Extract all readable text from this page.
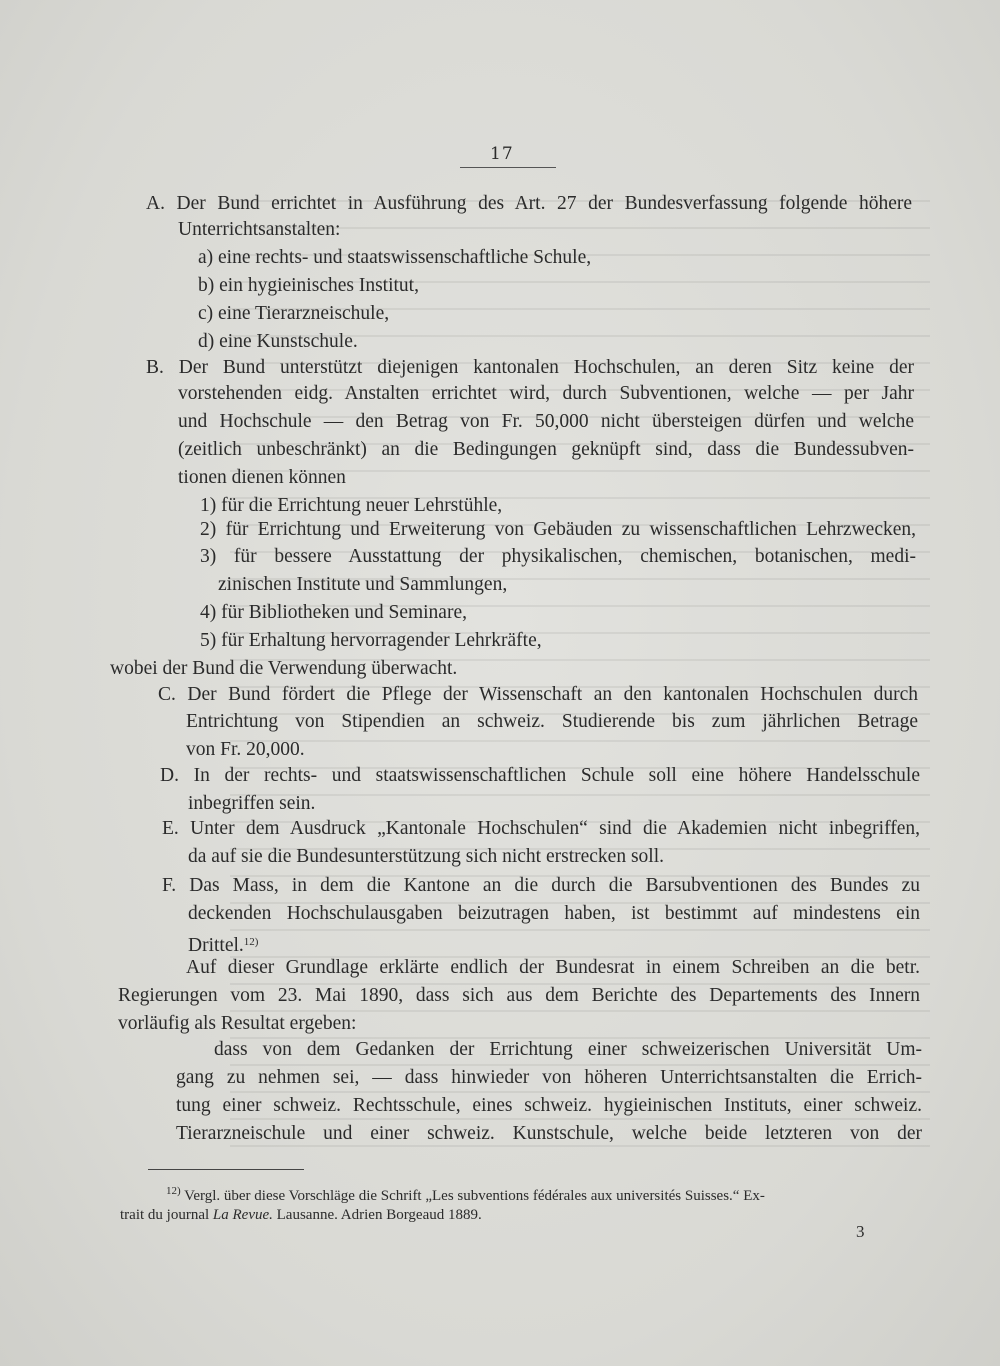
17
A. Der Bund errichtet in Ausführung des Art. 27 der Bundesverfassung folgende höhere
Unterrichtsanstalten:
a) eine rechts- und staatswissenschaftliche Schule,
b) ein hygieinisches Institut,
c) eine Tierarzneischule,
d) eine Kunstschule.
B. Der Bund unterstützt diejenigen kantonalen Hochschulen, an deren Sitz keine der
vorstehenden eidg. Anstalten errichtet wird, durch Subventionen, welche — per Jahr
und Hochschule — den Betrag von Fr. 50,000 nicht übersteigen dürfen und welche
(zeitlich unbeschränkt) an die Bedingungen geknüpft sind, dass die Bundessubven-
tionen dienen können
1) für die Errichtung neuer Lehrstühle,
2) für Errichtung und Erweiterung von Gebäuden zu wissenschaftlichen Lehrzwecken,
3) für bessere Ausstattung der physikalischen, chemischen, botanischen, medi-
zinischen Institute und Sammlungen,
4) für Bibliotheken und Seminare,
5) für Erhaltung hervorragender Lehrkräfte,
wobei der Bund die Verwendung überwacht.
C. Der Bund fördert die Pflege der Wissenschaft an den kantonalen Hochschulen durch
Entrichtung von Stipendien an schweiz. Studierende bis zum jährlichen Betrage
von Fr. 20,000.
D. In der rechts- und staatswissenschaftlichen Schule soll eine höhere Handelsschule
inbegriffen sein.
E. Unter dem Ausdruck „Kantonale Hochschulen“ sind die Akademien nicht inbegriffen,
da auf sie die Bundesunterstützung sich nicht erstrecken soll.
F. Das Mass, in dem die Kantone an die durch die Barsubventionen des Bundes zu
deckenden Hochschulausgaben beizutragen haben, ist bestimmt auf mindestens ein
Drittel.$^{12)}$
Auf dieser Grundlage erklärte endlich der Bundesrat in einem Schreiben an die betr.
Regierungen vom 23. Mai 1890, dass sich aus dem Berichte des Departements des Innern
vorläufig als Resultat ergeben:
dass von dem Gedanken der Errichtung einer schweizerischen Universität Um-
gang zu nehmen sei, — dass hinwieder von höheren Unterrichtsanstalten die Errich-
tung einer schweiz. Rechtsschule, eines schweiz. hygieinischen Instituts, einer schweiz.
Tierarzneischule und einer schweiz. Kunstschule, welche beide letzteren von der
$^{12)}$ Vergl. über diese Vorschläge die Schrift „Les subventions fédérales aux universités Suisses.“ Ex-
trait du journal La Revue. Lausanne. Adrien Borgeaud 1889.
3
